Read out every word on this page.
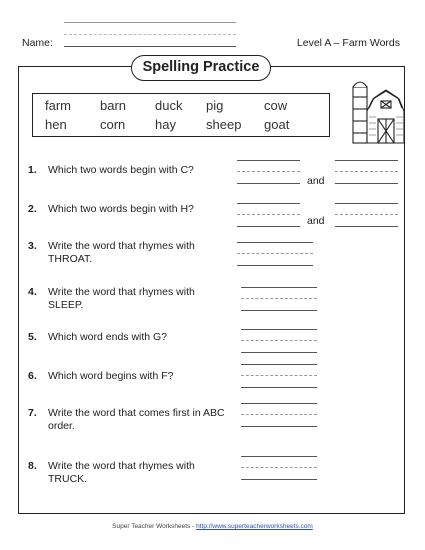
Name:	Level A – Farm Words
Spelling Practice
farm barn duck pig	cow
hen	corn hay sheep goat
1. Which two words begin with C?
and
2. Which two words begin with H?
and
3. Write the word that rhymes with THROAT.
4. Write the word that rhymes with SLEEP.
5. Which word ends with G?
6. Which word begins with F?
7. Write the word that comes first in ABC order.
8. Write the word that rhymes with TRUCK.
Super Teacher Worksheets - http://www.superteacherworksheets.com
